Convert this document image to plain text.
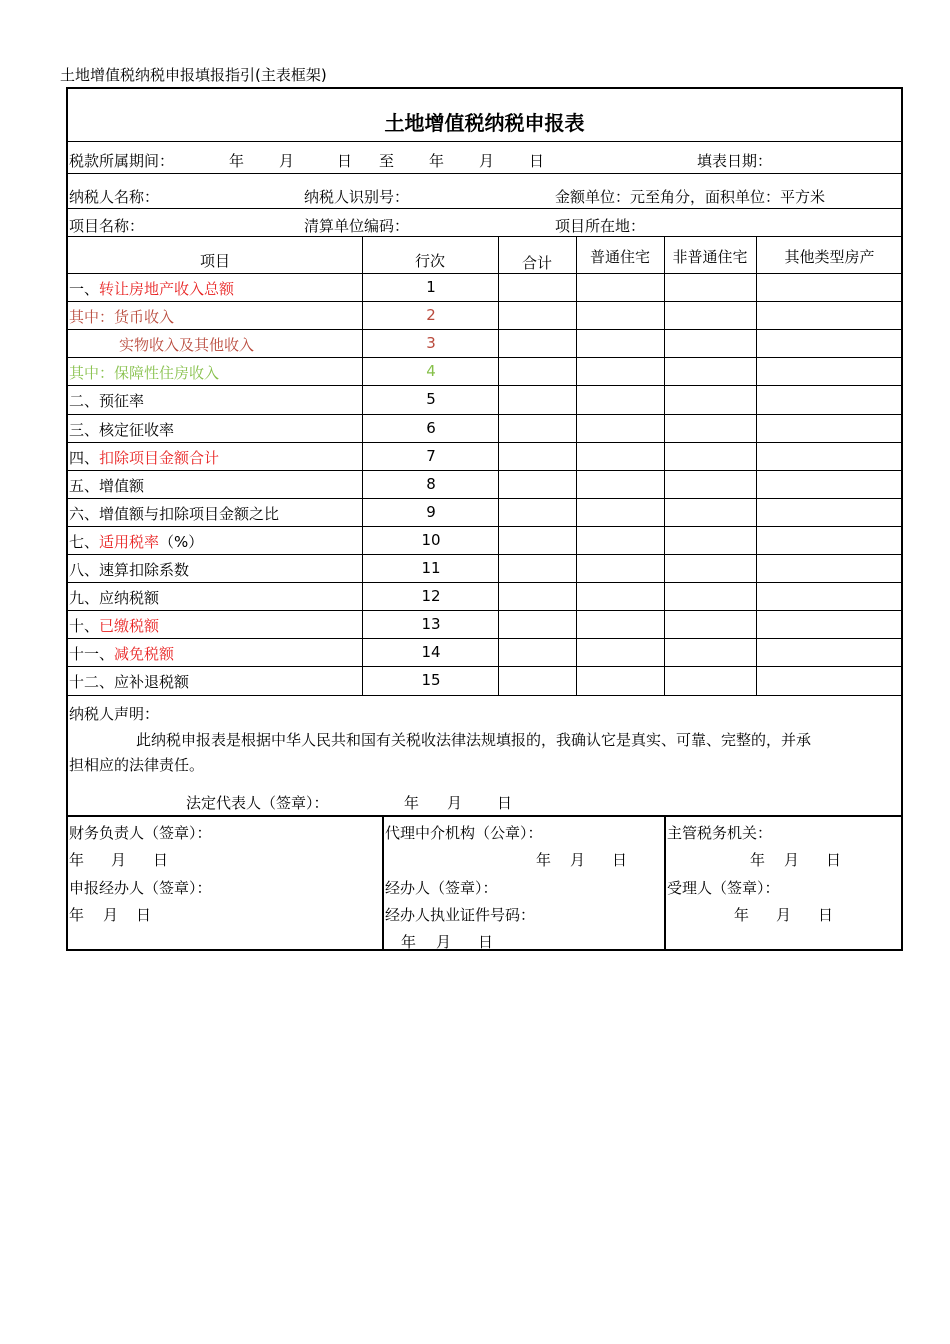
土地增值税纳税申报填报指引(主表框架)
土地增值税纳税申报表
税款所属期间：	年 月	日 至 年 月 日	填表日期：
纳税人名称：	纳税人识别号：	金额单位：元至角分，面积单位：平方米
项目名称：	清算单位编码：	项目所在地：
项目	行次	合计	普通住宅	非普通住宅	其他类型房产
一、转让房地产收入总额	1
其中：货币收入	2
实物收入及其他收入	3
其中：保障性住房收入	4
二、预征率	5
三、核定征收率	6
四、扣除项目金额合计	7
五、增值额	8
六、增值额与扣除项目金额之比	9
七、适用税率（%）	10
八、速算扣除系数	11
九、应纳税额	12
十、已缴税额	13
十一、减免税额	14
十二、应补退税额	15
纳税人声明：
此纳税申报表是根据中华人民共和国有关税收法律法规填报的，我确认它是真实、可靠、完整的，并承
担相应的法律责任。
法定代表人（签章）：	年 月 日
财务负责人（签章）：
年 月 日
申报经办人（签章）：
年 月 日
代理中介机构（公章）：
年 月 日
经办人（签章）：
经办人执业证件号码：
年 月 日
主管税务机关：
年 月 日
受理人（签章）：
年 月 日
